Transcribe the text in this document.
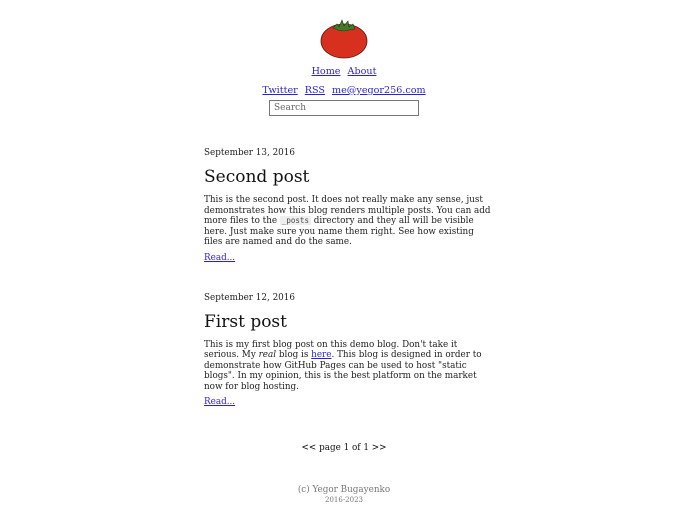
Home About
Twitter RSS me@yegor256.com
Search
September 13, 2016
Second post

This is the second post. It does not really make any sense, just demonstrates how this blog renders multiple posts. You can add more files to the _posts directory and they all will be visible here. Just make sure you name them right. See how existing files are named and do the same.

Read...
September 12, 2016
First post

This is my first blog post on this demo blog. Don't take it serious. My real blog is here. This blog is designed in order to demonstrate how GitHub Pages can be used to host "static blogs". In my opinion, this is the best platform on the market now for blog hosting.

Read...
<< page 1 of 1 >>
(c) Yegor Bugayenko
2016-2023
